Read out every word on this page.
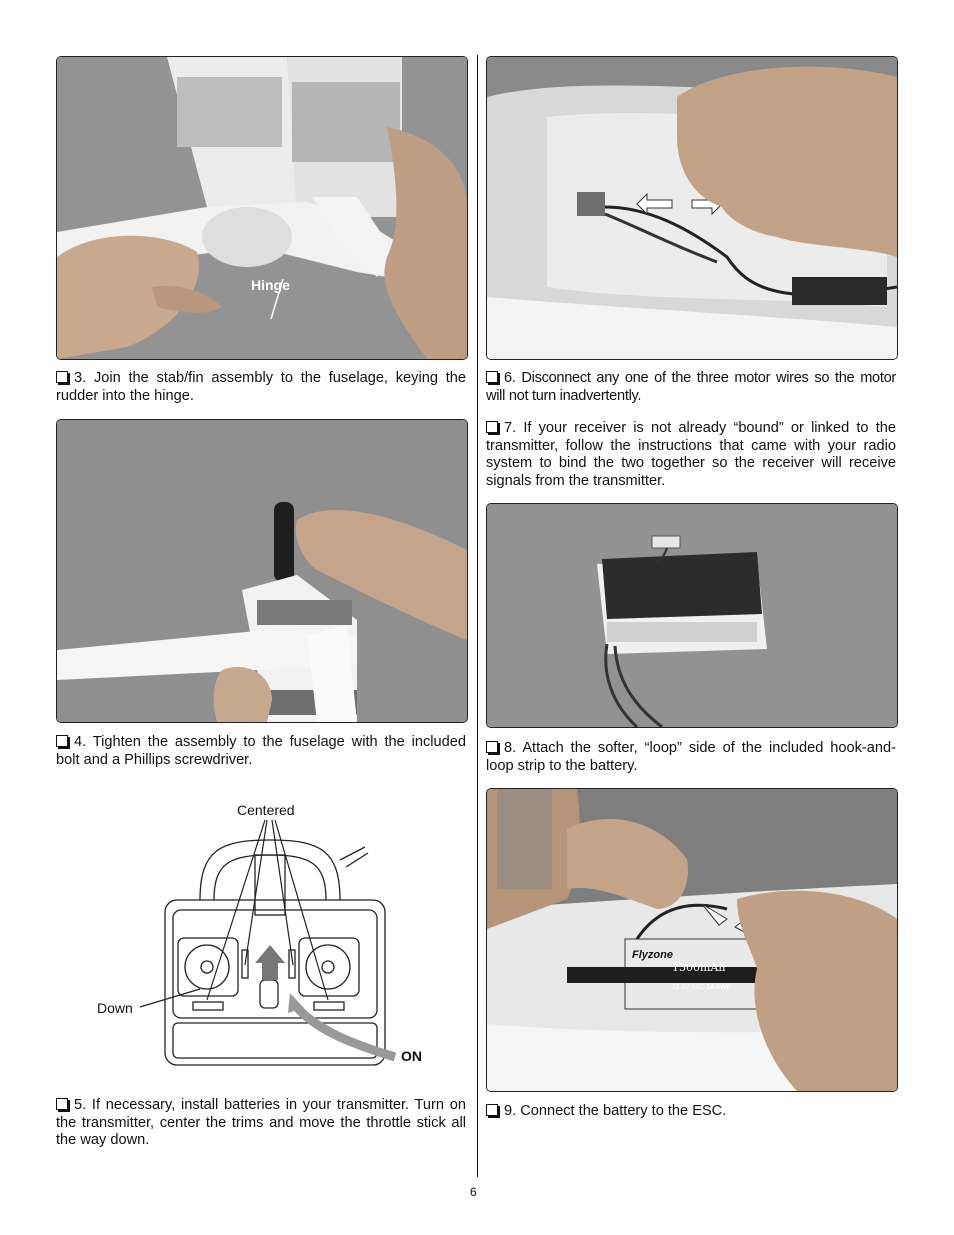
Hinge

3. Join the stab/fin assembly to the fuselage, keying the rudder into the hinge.

4. Tighten the assembly to the fuselage with the included bolt and a Phillips screwdriver.

Centered
Down
ON

5. If necessary, install batteries in your transmitter. Turn on the transmitter, center the trims and move the throttle stick all the way down.

6. Disconnect any one of the three motor wires so the motor will not turn inadvertently.

7. If your receiver is not already “bound” or linked to the transmitter, follow the instructions that came with your radio system to bind the two together so the receiver will receive signals from the transmitter.

8. Attach the softer, “loop” side of the included hook-and-loop strip to the battery.

Flyzone
1300mAh
11.1V 10C 14.4Wh

9. Connect the battery to the ESC.

6
